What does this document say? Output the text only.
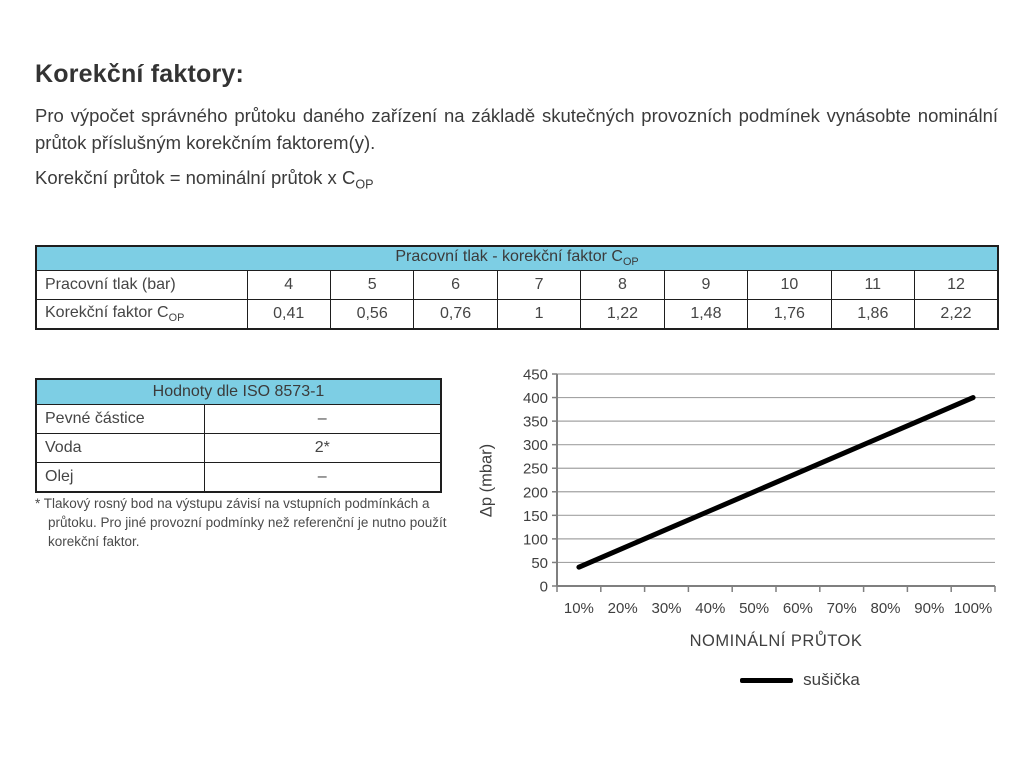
Korekční faktory:

Pro výpočet správného průtoku daného zařízení na základě skutečných provozních podmínek vynásobte nominální průtok příslušným korekčním faktorem(y).

Korekční průtok = nominální průtok x $C_{OP}$

Pracovní tlak - korekční faktor $C_{OP}$
Pracovní tlak (bar)	4	5	6	7	8	9	10	11	12
Korekční faktor $C_{OP}$	0,41	0,56	0,76	1	1,22	1,48	1,76	1,86	2,22
Hodnoty dle ISO 8573-1	
Pevné částice	–
Voda	2*
Olej	–

* Tlakový rosný bod na výstupu závisí na vstupních podmínkách a průtoku. Pro jiné provozní podmínky než referenční je nutno použít korekční faktor.

0
50
100
150
200
250
300
350
400
450
10% 20% 30% 40% 50% 60% 70% 80% 90% 100%
Δp (mbar)
NOMINÁLNÍ PRŮTOK
sušička
